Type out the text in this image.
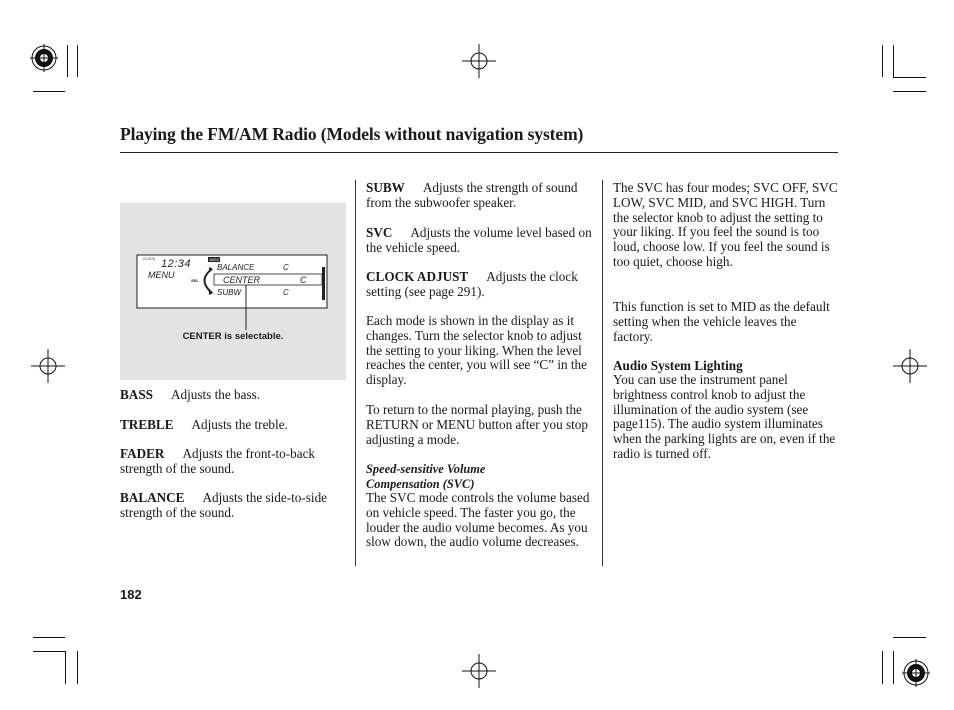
Playing the FM/AM Radio (Models without navigation system)
CLOCK 12:34	BASS
MENU
SEL
BALANCE	C
CENTER	C
SUBW	C
CENTER is selectable.
BASS Adjusts the bass.
TREBLE Adjusts the treble.
FADER Adjusts the front-to-back strength of the sound.
BALANCE Adjusts the side-to-side strength of the sound.
SUBW Adjusts the strength of sound from the subwoofer speaker.
SVC Adjusts the volume level based on the vehicle speed.
CLOCK ADJUST Adjusts the clock setting (see page 291).
Each mode is shown in the display as it changes. Turn the selector knob to adjust the setting to your liking. When the level reaches the center, you will see “C” in the display.
To return to the normal playing, push the RETURN or MENU button after you stop adjusting a mode.
Speed-sensitive Volume
Compensation (SVC)
The SVC mode controls the volume based on vehicle speed. The faster you go, the louder the audio volume becomes. As you slow down, the audio volume decreases.
The SVC has four modes; SVC OFF, SVC LOW, SVC MID, and SVC HIGH. Turn the selector knob to adjust the setting to your liking. If you feel the sound is too loud, choose low. If you feel the sound is too quiet, choose high.
This function is set to MID as the default setting when the vehicle leaves the factory.
Audio System Lighting
You can use the instrument panel brightness control knob to adjust the illumination of the audio system (see page115). The audio system illuminates when the parking lights are on, even if the radio is turned off.
182
